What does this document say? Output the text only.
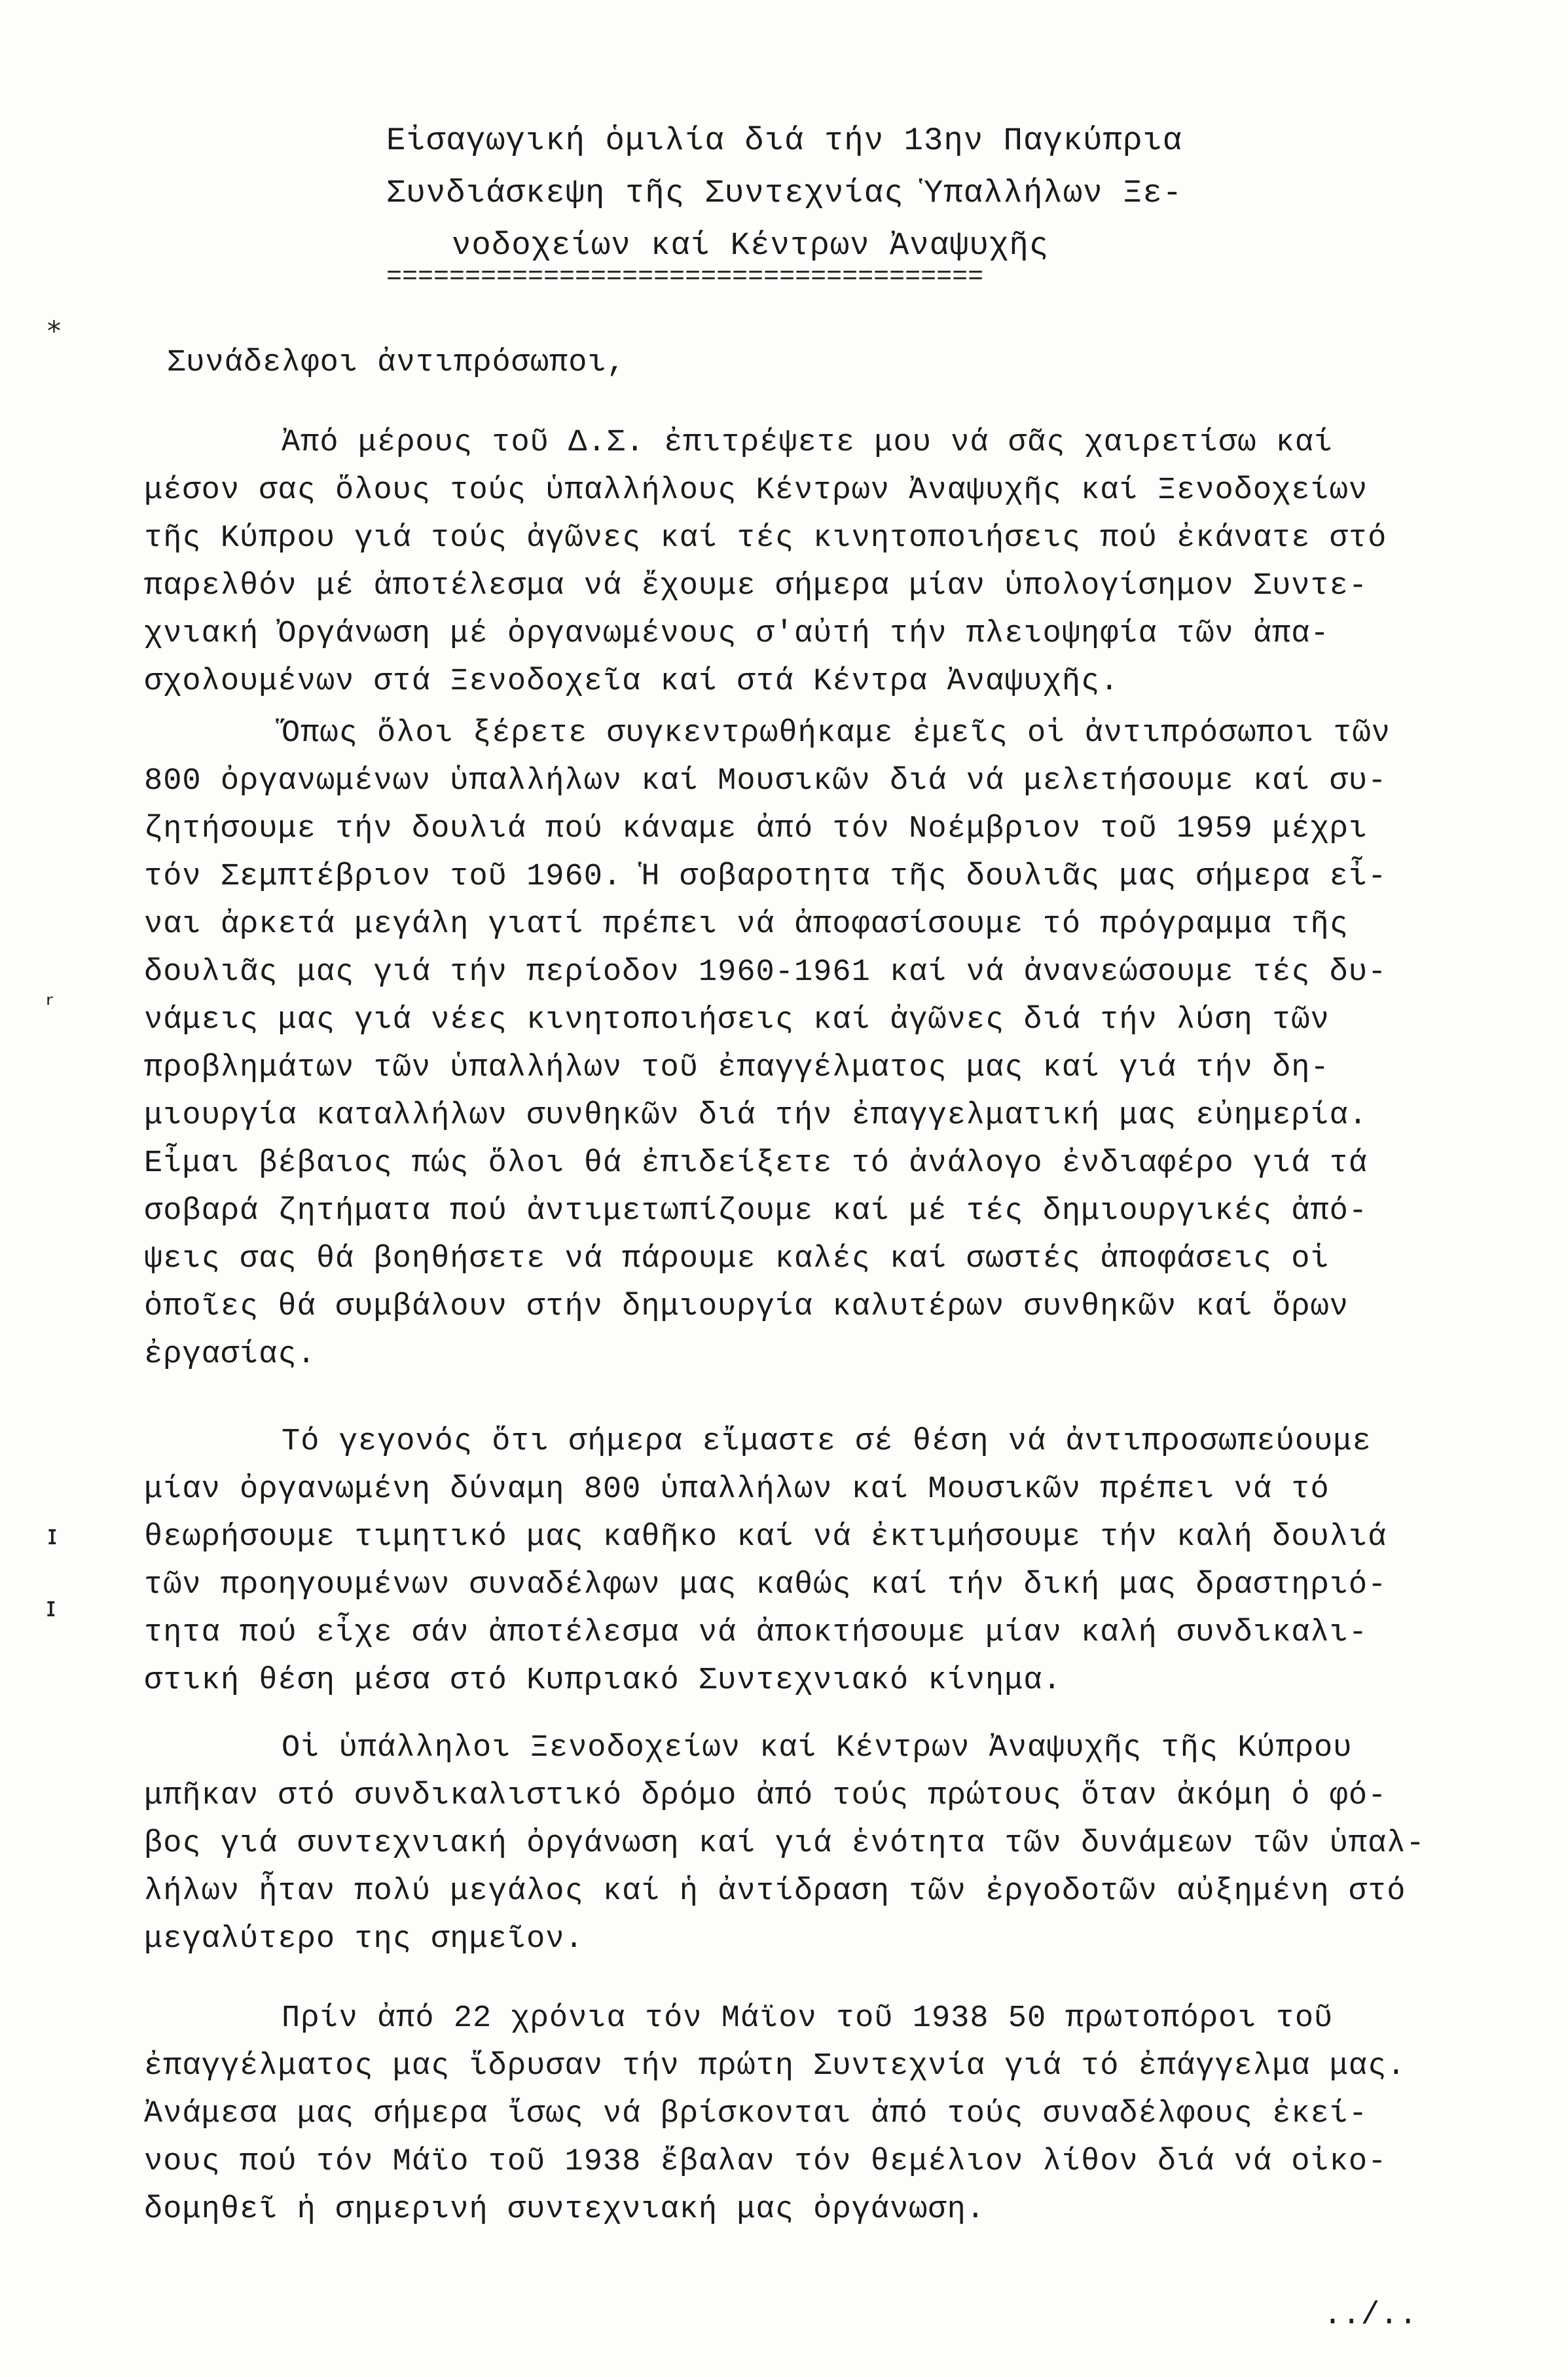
Εἰσαγωγική ὁμιλία διά τήν 13ην Παγκύπρια
Συνδιάσκεψη τῆς Συντεχνίας Ὑπαλλήλων Ξε-
νοδοχείων καί Κέντρων Ἀναψυχῆς
======================================
Συνάδελφοι ἀντιπρόσωποι,
Ἀπό μέρους τοῦ Δ.Σ. ἐπιτρέψετε μου νά σᾶς χαιρετίσω καί
μέσον σας ὅλους τούς ὑπαλλήλους Κέντρων Ἀναψυχῆς καί Ξενοδοχείων
τῆς Κύπρου γιά τούς ἀγῶνες καί τές κινητοποιήσεις πού ἐκάνατε στό
παρελθόν μέ ἀποτέλεσμα νά ἔχουμε σήμερα μίαν ὑπολογίσημον Συντε-
χνιακή Ὀργάνωση μέ ὀργανωμένους σ'αὐτή τήν πλειοψηφία τῶν ἀπα-
σχολουμένων στά Ξενοδοχεῖα καί στά Κέντρα Ἀναψυχῆς.
Ὅπως ὅλοι ξέρετε συγκεντρωθήκαμε ἐμεῖς οἱ ἀντιπρόσωποι τῶν
800 ὀργανωμένων ὑπαλλήλων καί Μουσικῶν διά νά μελετήσουμε καί συ-
ζητήσουμε τήν δουλιά πού κάναμε ἀπό τόν Νοέμβριον τοῦ 1959 μέχρι
τόν Σεμπτέβριον τοῦ 1960. Ἡ σοβαροτητα τῆς δουλιᾶς μας σήμερα εἶ-
ναι ἀρκετά μεγάλη γιατί πρέπει νά ἀποφασίσουμε τό πρόγραμμα τῆς
δουλιᾶς μας γιά τήν περίοδον 1960-1961 καί νά ἀνανεώσουμε τές δυ-
νάμεις μας γιά νέες κινητοποιήσεις καί ἀγῶνες διά τήν λύση τῶν
προβλημάτων τῶν ὑπαλλήλων τοῦ ἐπαγγέλματος μας καί γιά τήν δη-
μιουργία καταλλήλων συνθηκῶν διά τήν ἐπαγγελματική μας εὐημερία.
Εἶμαι βέβαιος πώς ὅλοι θά ἐπιδείξετε τό ἀνάλογο ἐνδιαφέρο γιά τά
σοβαρά ζητήματα πού ἀντιμετωπίζουμε καί μέ τές δημιουργικές ἀπό-
ψεις σας θά βοηθήσετε νά πάρουμε καλές καί σωστές ἀποφάσεις οἱ
ὁποῖες θά συμβάλουν στήν δημιουργία καλυτέρων συνθηκῶν καί ὅρων
ἐργασίας.
Τό γεγονός ὅτι σήμερα εἴμαστε σέ θέση νά ἀντιπροσωπεύουμε
μίαν ὀργανωμένη δύναμη 800 ὑπαλλήλων καί Μουσικῶν πρέπει νά τό
θεωρήσουμε τιμητικό μας καθῆκο καί νά ἐκτιμήσουμε τήν καλή δουλιά
τῶν προηγουμένων συναδέλφων μας καθώς καί τήν δική μας δραστηριό-
τητα πού εἶχε σάν ἀποτέλεσμα νά ἀποκτήσουμε μίαν καλή συνδικαλι-
στική θέση μέσα στό Κυπριακό Συντεχνιακό κίνημα.
Οἱ ὑπάλληλοι Ξενοδοχείων καί Κέντρων Ἀναψυχῆς τῆς Κύπρου
μπῆκαν στό συνδικαλιστικό δρόμο ἀπό τούς πρώτους ὅταν ἀκόμη ὁ φό-
βος γιά συντεχνιακή ὀργάνωση καί γιά ἑνότητα τῶν δυνάμεων τῶν ὑπαλ-
λήλων ἦταν πολύ μεγάλος καί ἡ ἀντίδραση τῶν ἐργοδοτῶν αὐξημένη στό
μεγαλύτερο της σημεῖον.
Πρίν ἀπό 22 χρόνια τόν Μάϊον τοῦ 1938 50 πρωτοπόροι τοῦ
ἐπαγγέλματος μας ἵδρυσαν τήν πρώτη Συντεχνία γιά τό ἐπάγγελμα μας.
Ἀνάμεσα μας σήμερα ἴσως νά βρίσκονται ἀπό τούς συναδέλφους ἐκεί-
νους πού τόν Μάϊο τοῦ 1938 ἔβαλαν τόν θεμέλιον λίθον διά νά οἰκο-
δομηθεῖ ἡ σημερινή συντεχνιακή μας ὀργάνωση.
../..
⁎
ʳ
ɪ
ɪ
